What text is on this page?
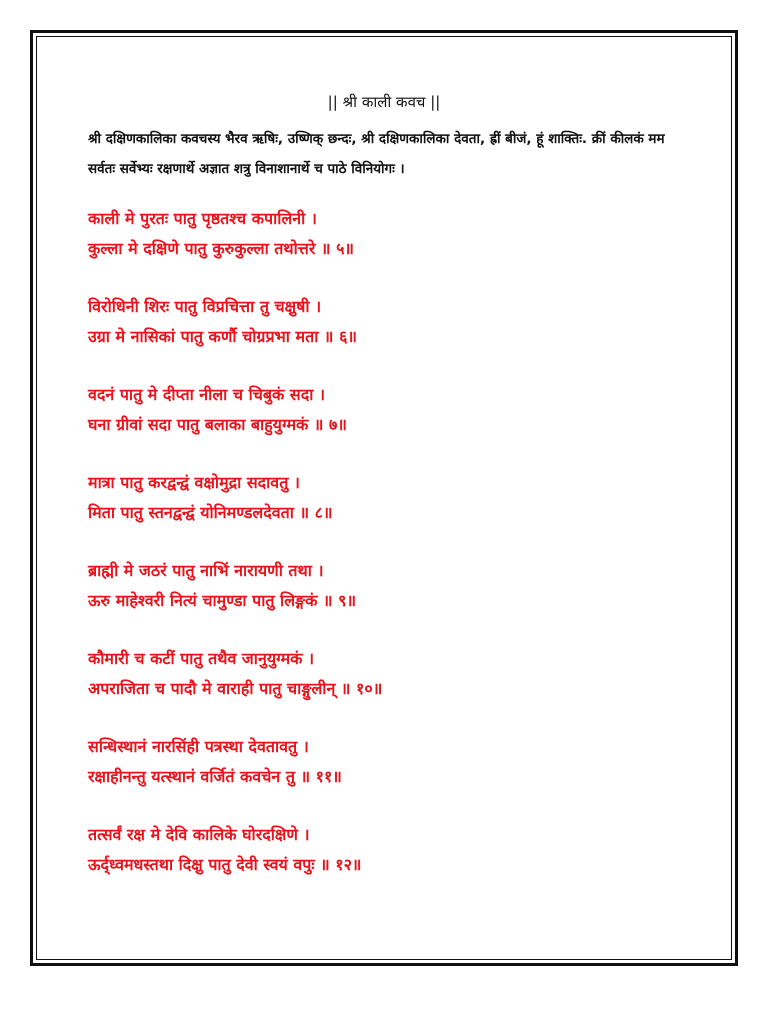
|| श्री काली कवच ||
श्री दक्षिणकालिका कवचस्य भैरव ऋषिः, उष्णिक् छन्दः, श्री दक्षिणकालिका देवता, ह्रीं बीजं, हूं शाक्तिः. क्रीं कीलकं मम सर्वतः सर्वेभ्यः रक्षणार्थे अज्ञात शत्रु विनाशानार्थे च पाठे विनियोगः ।
काली मे पुरतः पातु पृष्ठतश्च कपालिनी ।
कुल्ला मे दक्षिणे पातु कुरुकुल्ला तथोत्तरे ॥ ५॥
विरोधिनी शिरः पातु विप्रचित्ता तु चक्षुषी ।
उग्रा मे नासिकां पातु कर्णौ चोग्रप्रभा मता ॥ ६॥
वदनं पातु मे दीप्ता नीला च चिबुकं सदा ।
घना ग्रीवां सदा पातु बलाका बाहुयुग्मकं ॥ ७॥
मात्रा पातु करद्वन्द्वं वक्षोमुद्रा सदावतु ।
मिता पातु स्तनद्वन्द्वं योनिमण्डलदेवता ॥ ८॥
ब्राह्मी मे जठरं पातु नाभिं नारायणी तथा ।
ऊरु माहेश्वरी नित्यं चामुण्डा पातु लिङ्गकं ॥ ९॥
कौमारी च कटीं पातु तथैव जानुयुग्मकं ।
अपराजिता च पादौ मे वाराही पातु चाङ्गुलीन् ॥ १०॥
सन्धिस्थानं नारसिंही पत्रस्था देवतावतु ।
रक्षाहीनन्तु यत्स्थानं वर्जितं कवचेन तु ॥ ११॥
तत्सर्वं रक्ष मे देवि कालिके घोरदक्षिणे ।
ऊर्द्ध्वमधस्तथा दिक्षु पातु देवी स्वयं वपुः ॥ १२॥
